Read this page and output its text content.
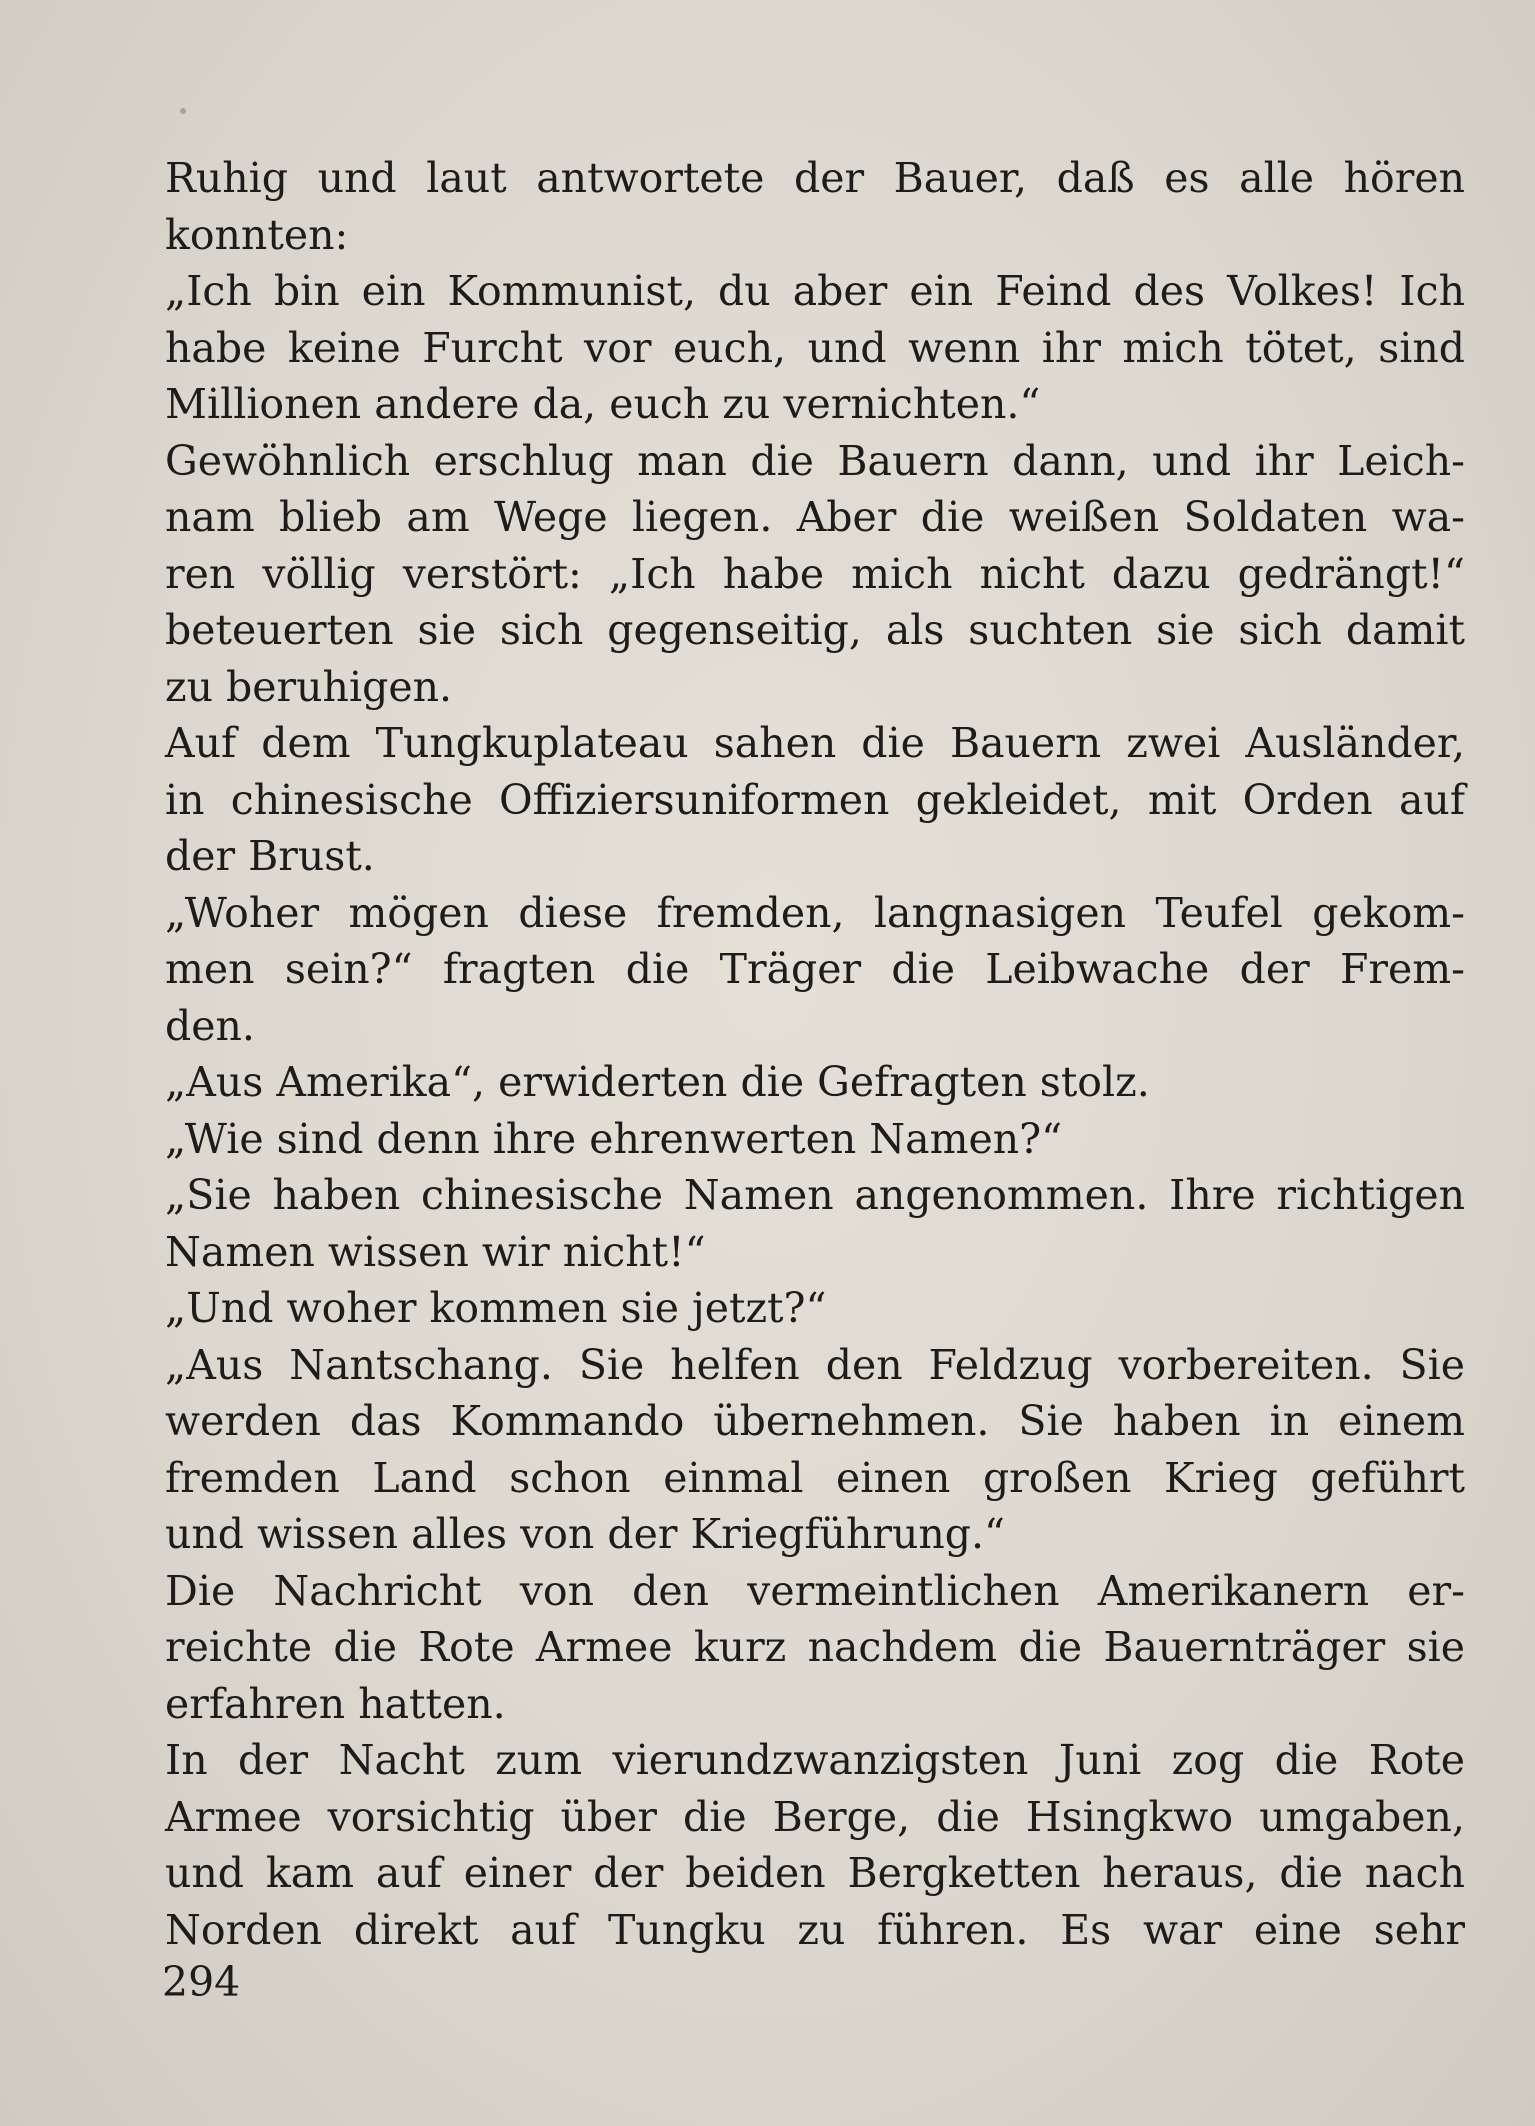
Ruhig und laut antwortete der Bauer, daß es alle hören
konnten:
„Ich bin ein Kommunist, du aber ein Feind des Volkes! Ich
habe keine Furcht vor euch, und wenn ihr mich tötet, sind
Millionen andere da, euch zu vernichten.“
Gewöhnlich erschlug man die Bauern dann, und ihr Leich-
nam blieb am Wege liegen. Aber die weißen Soldaten wa-
ren völlig verstört: „Ich habe mich nicht dazu gedrängt!“
beteuerten sie sich gegenseitig, als suchten sie sich damit
zu beruhigen.
Auf dem Tungkuplateau sahen die Bauern zwei Ausländer,
in chinesische Offiziersuniformen gekleidet, mit Orden auf
der Brust.
„Woher mögen diese fremden, langnasigen Teufel gekom-
men sein?“ fragten die Träger die Leibwache der Frem-
den.
„Aus Amerika“, erwiderten die Gefragten stolz.
„Wie sind denn ihre ehrenwerten Namen?“
„Sie haben chinesische Namen angenommen. Ihre richtigen
Namen wissen wir nicht!“
„Und woher kommen sie jetzt?“
„Aus Nantschang. Sie helfen den Feldzug vorbereiten. Sie
werden das Kommando übernehmen. Sie haben in einem
fremden Land schon einmal einen großen Krieg geführt
und wissen alles von der Kriegführung.“
Die Nachricht von den vermeintlichen Amerikanern er-
reichte die Rote Armee kurz nachdem die Bauernträger sie
erfahren hatten.
In der Nacht zum vierundzwanzigsten Juni zog die Rote
Armee vorsichtig über die Berge, die Hsingkwo umgaben,
und kam auf einer der beiden Bergketten heraus, die nach
Norden direkt auf Tungku zu führen. Es war eine sehr
294
